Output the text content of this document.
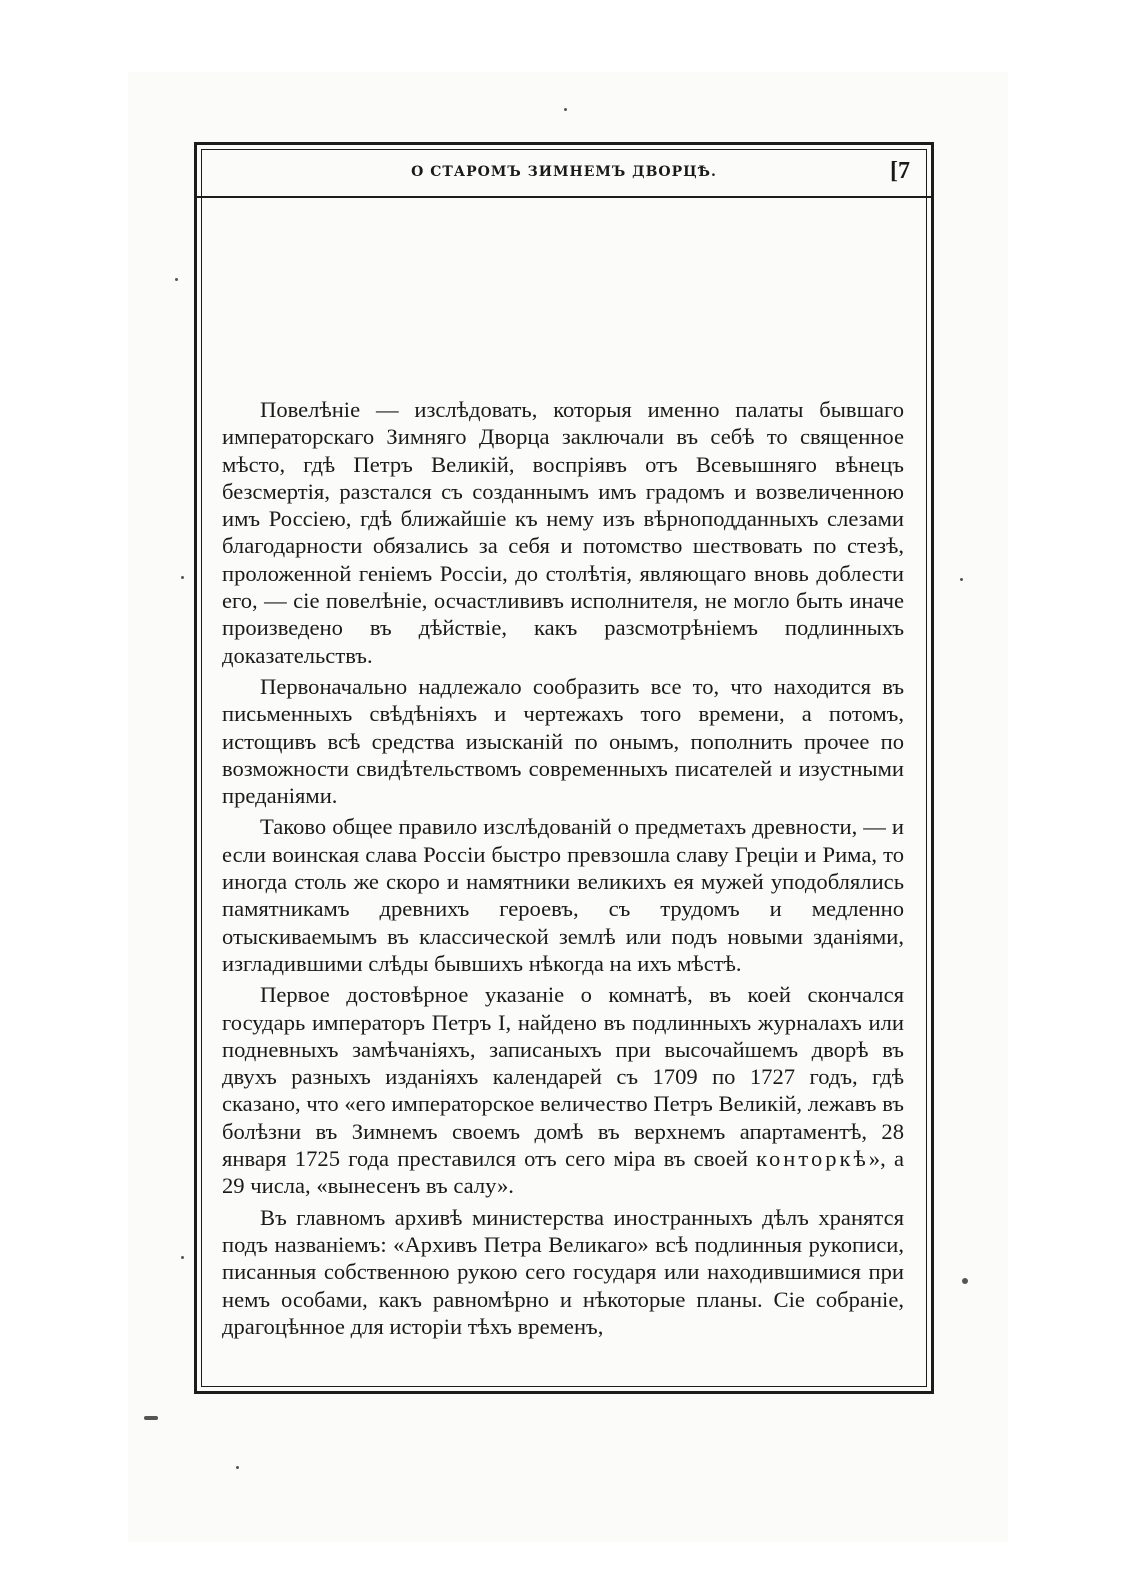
О СТАРОМЪ ЗИМНЕМЪ ДВОРЦѢ.	[7

Повелѣніе — изслѣдовать, которыя именно палаты бывшаго императорскаго Зимняго Дворца заключали въ себѣ то священное мѣсто, гдѣ Петръ Великій, воспріявъ отъ Всевышняго вѣнецъ безсмертія, разстался съ созданнымъ имъ градомъ и возвеличенною имъ Россіею, гдѣ ближайшіе къ нему изъ вѣрноподданныхъ слезами благодарности обязались за себя и потомство шествовать по стезѣ, проложенной геніемъ Россіи, до столѣтія, являющаго вновь доблести его, — сіе повелѣніе, осчастлививъ исполнителя, не могло быть иначе произведено въ дѣйствіе, какъ разсмотрѣніемъ подлинныхъ доказательствъ.

Первоначально надлежало сообразить все то, что находится въ письменныхъ свѣдѣніяхъ и чертежахъ того времени, а потомъ, истощивъ всѣ средства изысканій по онымъ, пополнить прочее по возможности свидѣтельствомъ современныхъ писателей и изустными преданіями.

Таково общее правило изслѣдованій о предметахъ древности, — и если воинская слава Россіи быстро превзошла славу Греціи и Рима, то иногда столь же скоро и намятники великихъ ея мужей уподоблялись памятникамъ древнихъ героевъ, съ трудомъ и медленно отыскиваемымъ въ классической землѣ или подъ новыми зданіями, изгладившими слѣды бывшихъ нѣкогда на ихъ мѣстѣ.

Первое достовѣрное указаніе о комнатѣ, въ коей скончался государь императоръ Петръ I, найдено въ подлинныхъ журналахъ или подневныхъ замѣчаніяхъ, записаныхъ при высочайшемъ дворѣ въ двухъ разныхъ изданіяхъ календарей съ 1709 по 1727 годъ, гдѣ сказано, что «его императорское величество Петръ Великій, лежавъ въ болѣзни въ Зимнемъ своемъ домѣ въ верхнемъ апартаментѣ, 28 января 1725 года преставился отъ сего міра въ своей конторкѣ», а 29 числа, «вынесенъ въ салу».

Въ главномъ архивѣ министерства иностранныхъ дѣлъ хранятся подъ названіемъ: «Архивъ Петра Великаго» всѣ подлинныя рукописи, писанныя собственною рукою сего государя или находившимися при немъ особами, какъ равномѣрно и нѣкоторые планы. Сіе собраніе, драгоцѣнное для исторіи тѣхъ временъ,
